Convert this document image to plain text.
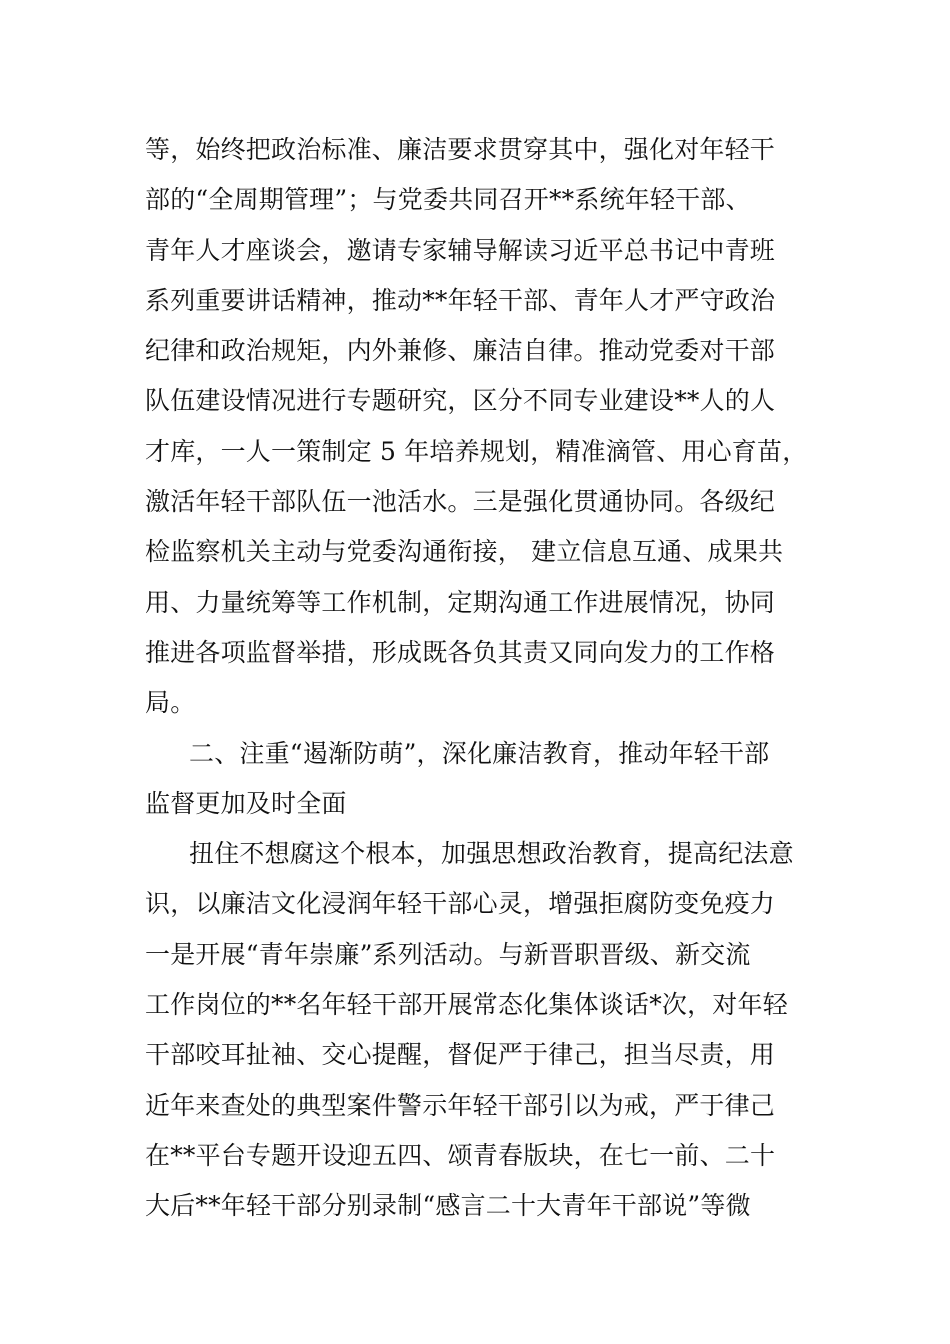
等，始终把政治标准、廉洁要求贯穿其中，强化对年轻干
部的“全周期管理”；与党委共同召开**系统年轻干部、
青年人才座谈会，邀请专家辅导解读习近平总书记中青班
系列重要讲话精神，推动**年轻干部、青年人才严守政治
纪律和政治规矩，内外兼修、廉洁自律。推动党委对干部
队伍建设情况进行专题研究，区分不同专业建设**人的人
才库，一人一策制定 5 年培养规划，精准滴管、用心育苗，
激活年轻干部队伍一池活水。三是强化贯通协同。各级纪
检监察机关主动与党委沟通衔接， 建立信息互通、成果共
用、力量统筹等工作机制，定期沟通工作进展情况，协同
推进各项监督举措，形成既各负其责又同向发力的工作格
局。
二、注重“遏渐防萌”，深化廉洁教育，推动年轻干部
监督更加及时全面
扭住不想腐这个根本，加强思想政治教育，提高纪法意
识，以廉洁文化浸润年轻干部心灵，增强拒腐防变免疫力
一是开展“青年崇廉”系列活动。与新晋职晋级、新交流
工作岗位的**名年轻干部开展常态化集体谈话*次，对年轻
干部咬耳扯袖、交心提醒，督促严于律己，担当尽责，用
近年来查处的典型案件警示年轻干部引以为戒，严于律己
在**平台专题开设迎五四、颂青春版块，在七一前、二十
大后**年轻干部分别录制“感言二十大青年干部说”等微
